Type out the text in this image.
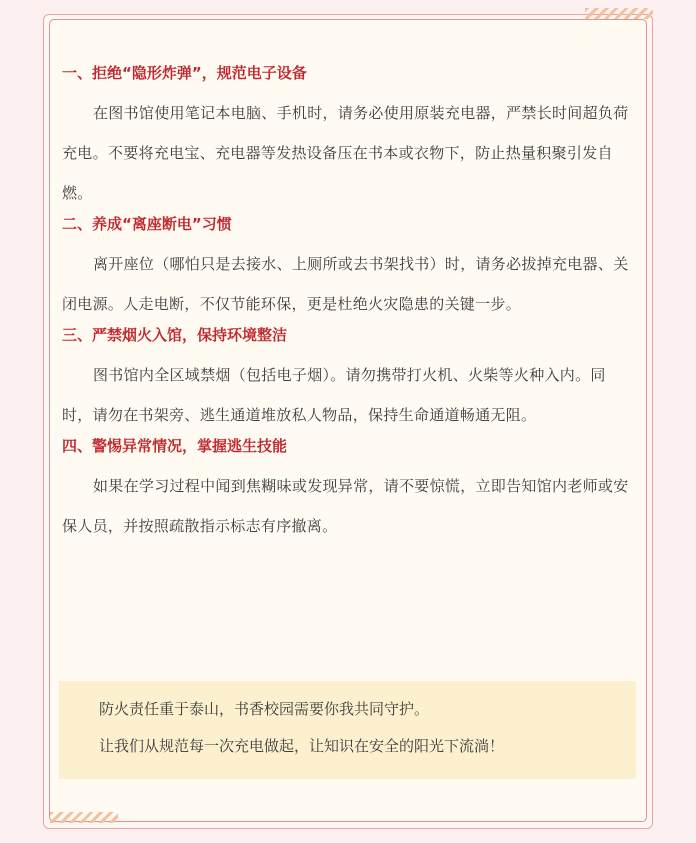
一、拒绝“隐形炸弹”，规范电子设备

在图书馆使用笔记本电脑、手机时，请务必使用原装充电器，严禁长时间超负荷充电。不要将充电宝、充电器等发热设备压在书本或衣物下，防止热量积聚引发自燃。

二、养成“离座断电”习惯

离开座位（哪怕只是去接水、上厕所或去书架找书）时，请务必拔掉充电器、关闭电源。人走电断，不仅节能环保，更是杜绝火灾隐患的关键一步。

三、严禁烟火入馆，保持环境整洁

图书馆内全区域禁烟（包括电子烟）。请勿携带打火机、火柴等火种入内。同时，请勿在书架旁、逃生通道堆放私人物品，保持生命通道畅通无阻。

四、警惕异常情况，掌握逃生技能

如果在学习过程中闻到焦糊味或发现异常，请不要惊慌，立即告知馆内老师或安保人员，并按照疏散指示标志有序撤离。

防火责任重于泰山，书香校园需要你我共同守护。

让我们从规范每一次充电做起，让知识在安全的阳光下流淌！
